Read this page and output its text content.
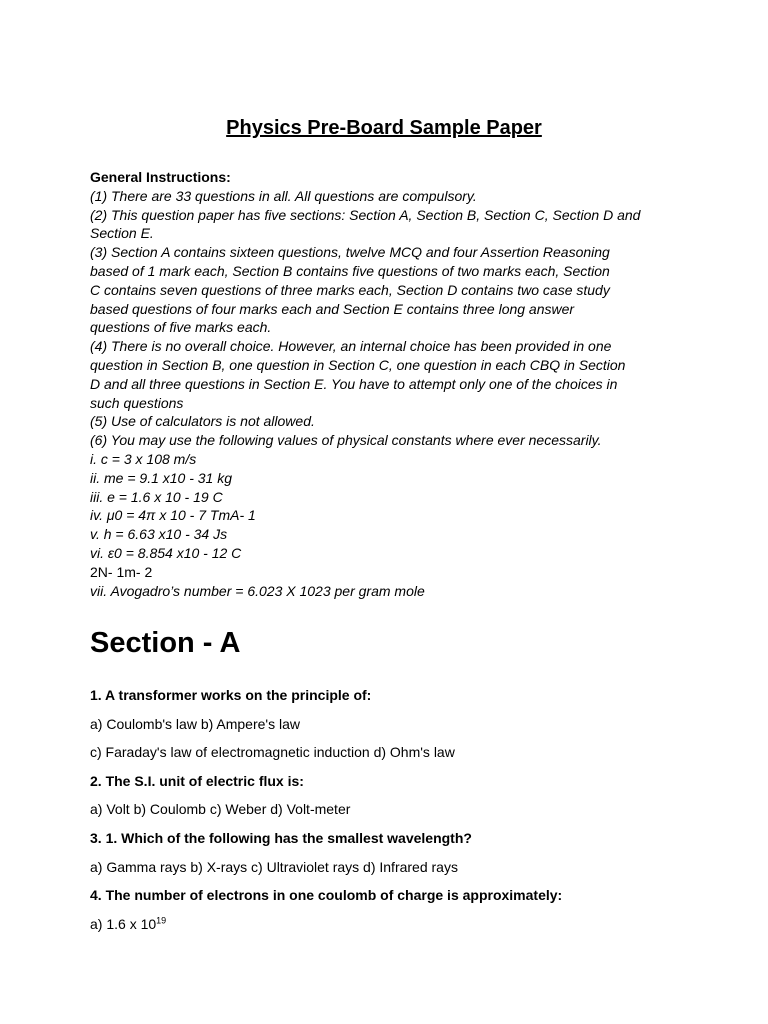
Physics Pre-Board Sample Paper
General Instructions:
(1) There are 33 questions in all. All questions are compulsory.
(2) This question paper has five sections: Section A, Section B, Section C, Section D and
Section E.
(3) Section A contains sixteen questions, twelve MCQ and four Assertion Reasoning
based of 1 mark each, Section B contains five questions of two marks each, Section
C contains seven questions of three marks each, Section D contains two case study
based questions of four marks each and Section E contains three long answer
questions of five marks each.
(4) There is no overall choice. However, an internal choice has been provided in one
question in Section B, one question in Section C, one question in each CBQ in Section
D and all three questions in Section E. You have to attempt only one of the choices in
such questions
(5) Use of calculators is not allowed.
(6) You may use the following values of physical constants where ever necessarily.
i. c = 3 x 108 m/s
ii. me = 9.1 x10 - 31 kg
iii. e = 1.6 x 10 - 19 C
iv. μ0 = 4π x 10 - 7 TmA- 1
v. h = 6.63 x10 - 34 Js
vi. ε0 = 8.854 x10 - 12 C
2N- 1m- 2
vii. Avogadro’s number = 6.023 X 1023 per gram mole
Section - A
1. A transformer works on the principle of:
a) Coulomb's law b) Ampere's law
c) Faraday's law of electromagnetic induction d) Ohm's law
2. The S.I. unit of electric flux is:
a) Volt b) Coulomb c) Weber d) Volt-meter
3. 1. Which of the following has the smallest wavelength?
a) Gamma rays b) X-rays c) Ultraviolet rays d) Infrared rays
4. The number of electrons in one coulomb of charge is approximately:
a) 1.6 x $10^{19}$
